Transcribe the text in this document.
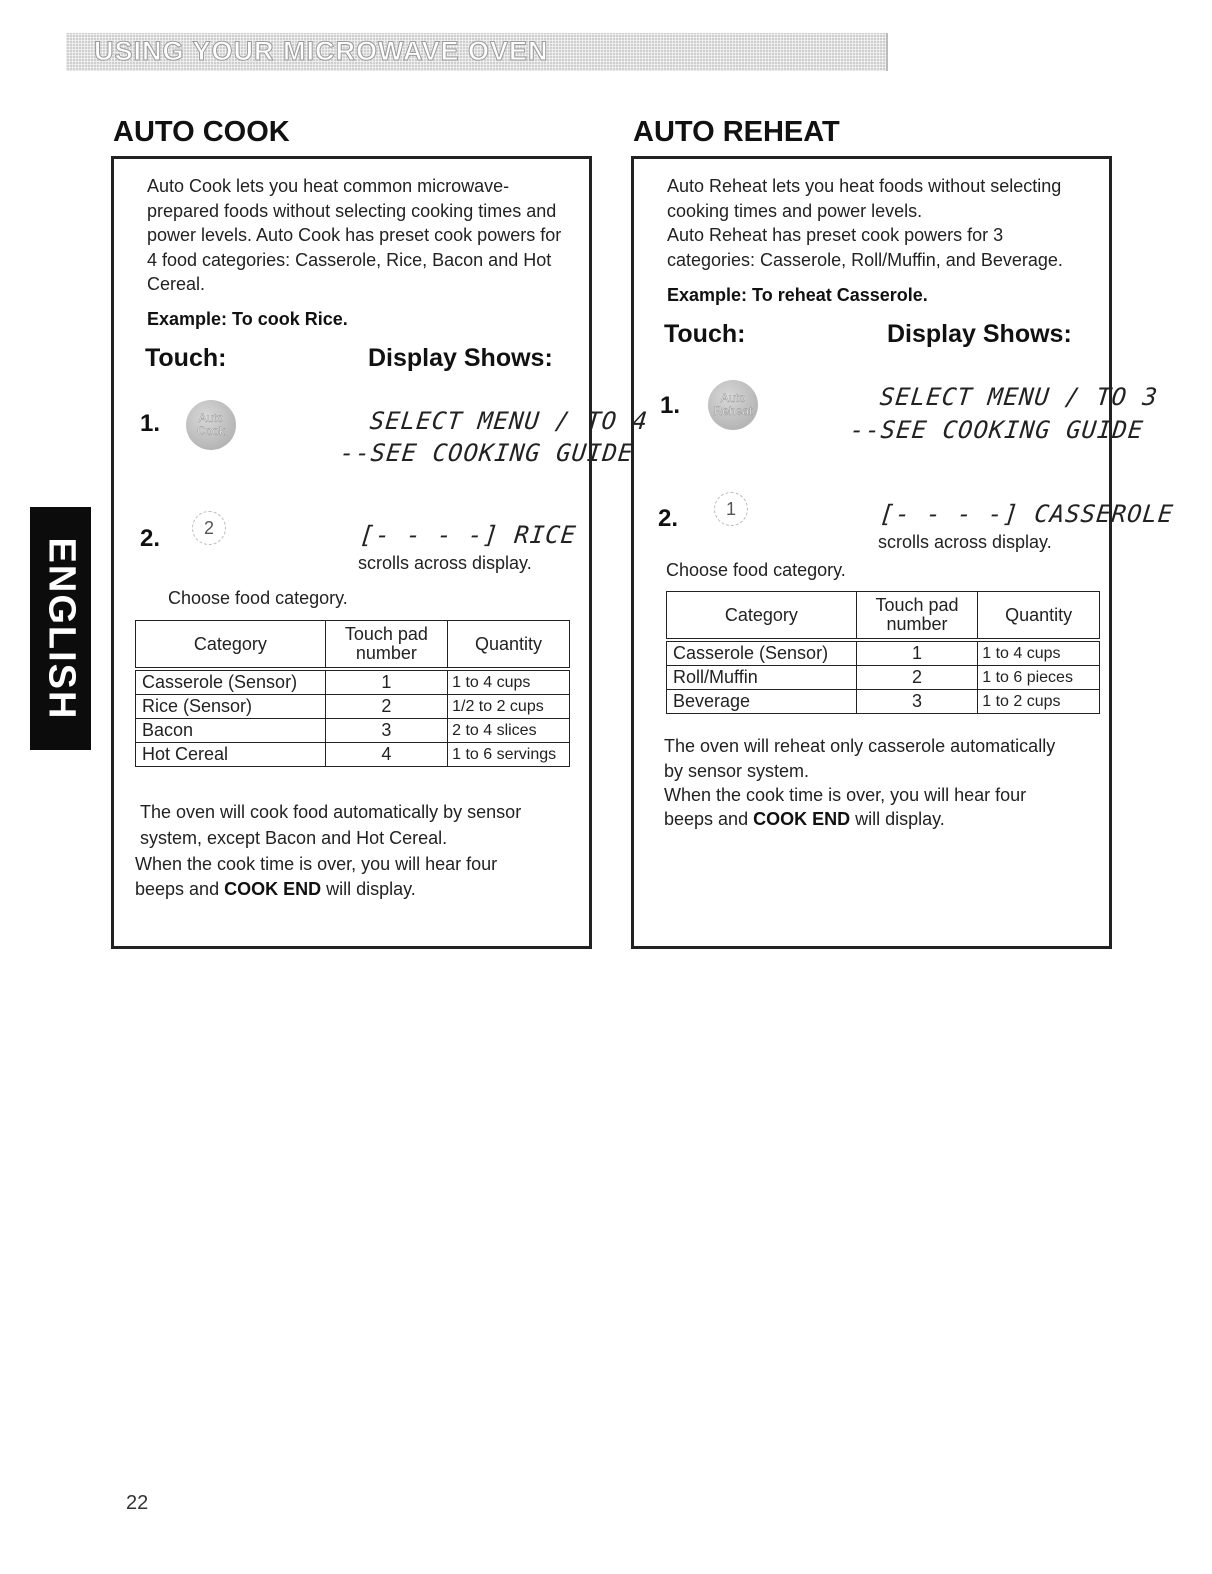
USING YOUR MICROWAVE OVEN
ENGLISH
AUTO COOK

Auto Cook lets you heat common microwave-
prepared foods without selecting cooking times and
power levels. Auto Cook has preset cook powers for
4 food categories: Casserole, Rice, Bacon and Hot
Cereal.

Example: To cook Rice.

Touch:	Display Shows:

1.	Auto
Cook	SELECT MENU / TO 4
--SEE COOKING GUIDE
2. 2	[- - - -] RICE

scrolls across display.

Choose food category.

Category	Touch pad number	Quantity
Casserole (Sensor)	1	1 to 4 cups
Rice (Sensor)	2	1/2 to 2 cups
Bacon	3	2 to 4 slices
Hot Cereal	4	1 to 6 servings

The oven will cook food automatically by sensor

system, except Bacon and Hot Cereal.

When the cook time is over, you will hear four

beeps and COOK END will display.

AUTO REHEAT

Auto Reheat lets you heat foods without selecting
cooking times and power levels.
Auto Reheat has preset cook powers for 3
categories: Casserole, Roll/Muffin, and Beverage.

Example: To reheat Casserole.

Touch:	Display Shows:

1.	Auto
Reheat	SELECT MENU / TO 3
--SEE COOKING GUIDE
2.	1	[- - - -] CASSEROLE

scrolls across display.

Choose food category.

Category	Touch pad number	Quantity
Casserole (Sensor)	1	1 to 4 cups
Roll/Muffin	2	1 to 6 pieces
Beverage	3	1 to 2 cups

The oven will reheat only casserole automatically

by sensor system.

When the cook time is over, you will hear four

beeps and COOK END will display.

22
